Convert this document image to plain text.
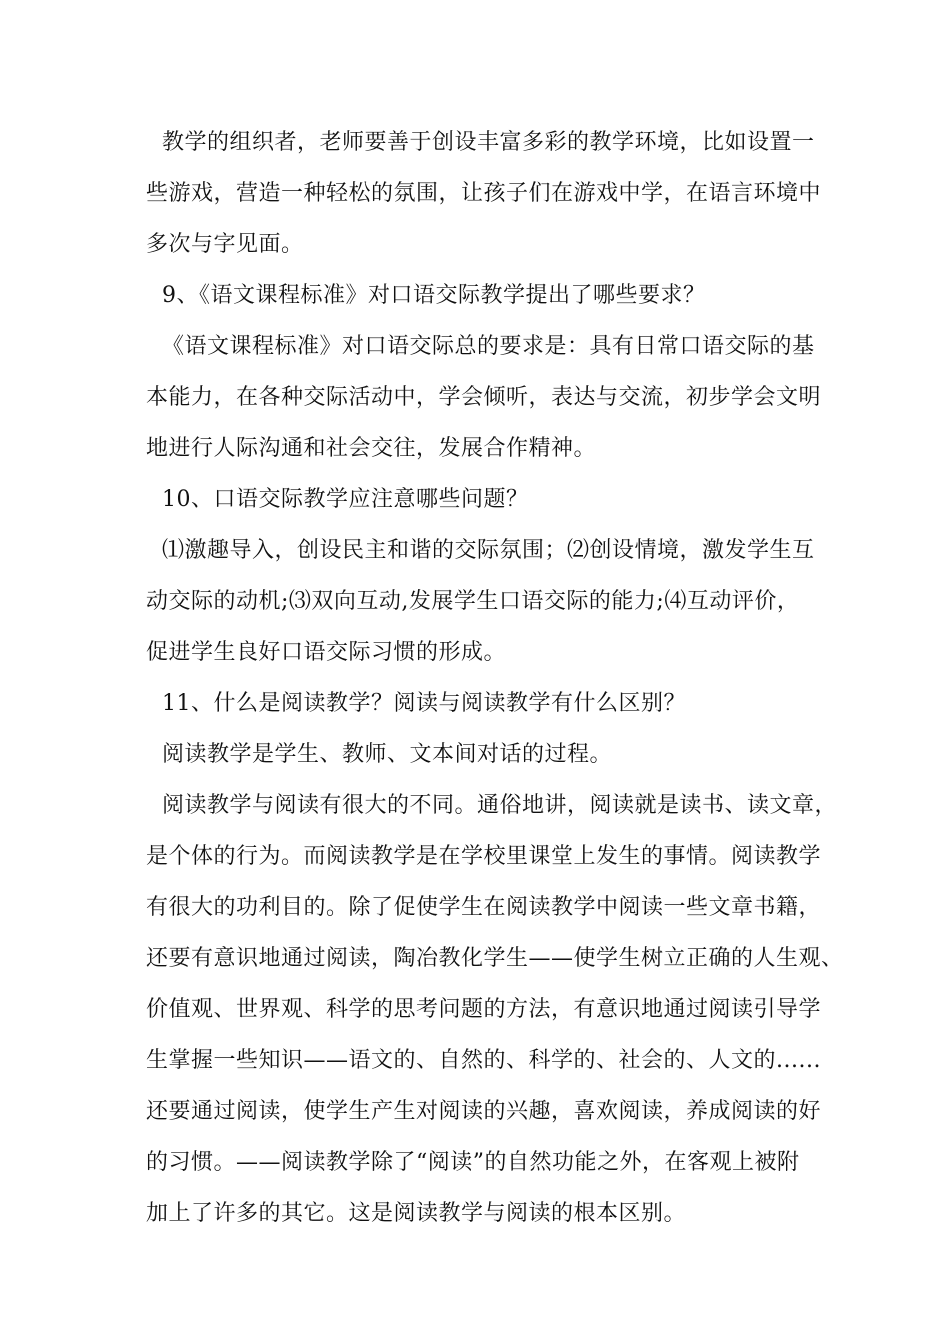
教学的组织者，老师要善于创设丰富多彩的教学环境，比如设置一
些游戏，营造一种轻松的氛围，让孩子们在游戏中学，在语言环境中
多次与字见面。
9、《语文课程标准》对口语交际教学提出了哪些要求？
《语文课程标准》对口语交际总的要求是：具有日常口语交际的基
本能力，在各种交际活动中，学会倾听，表达与交流，初步学会文明
地进行人际沟通和社会交往，发展合作精神。
10、口语交际教学应注意哪些问题？
⑴激趣导入，创设民主和谐的交际氛围；⑵创设情境，激发学生互
动交际的动机;⑶双向互动,发展学生口语交际的能力;⑷互动评价，
促进学生良好口语交际习惯的形成。
11、什么是阅读教学？阅读与阅读教学有什么区别？
阅读教学是学生、教师、文本间对话的过程。
阅读教学与阅读有很大的不同。通俗地讲，阅读就是读书、读文章，
是个体的行为。而阅读教学是在学校里课堂上发生的事情。阅读教学
有很大的功利目的。除了促使学生在阅读教学中阅读一些文章书籍，
还要有意识地通过阅读，陶冶教化学生——使学生树立正确的人生观、
价值观、世界观、科学的思考问题的方法，有意识地通过阅读引导学
生掌握一些知识——语文的、自然的、科学的、社会的、人文的......
还要通过阅读，使学生产生对阅读的兴趣，喜欢阅读，养成阅读的好
的习惯。——阅读教学除了“阅读”的自然功能之外，在客观上被附
加上了许多的其它。这是阅读教学与阅读的根本区别。
